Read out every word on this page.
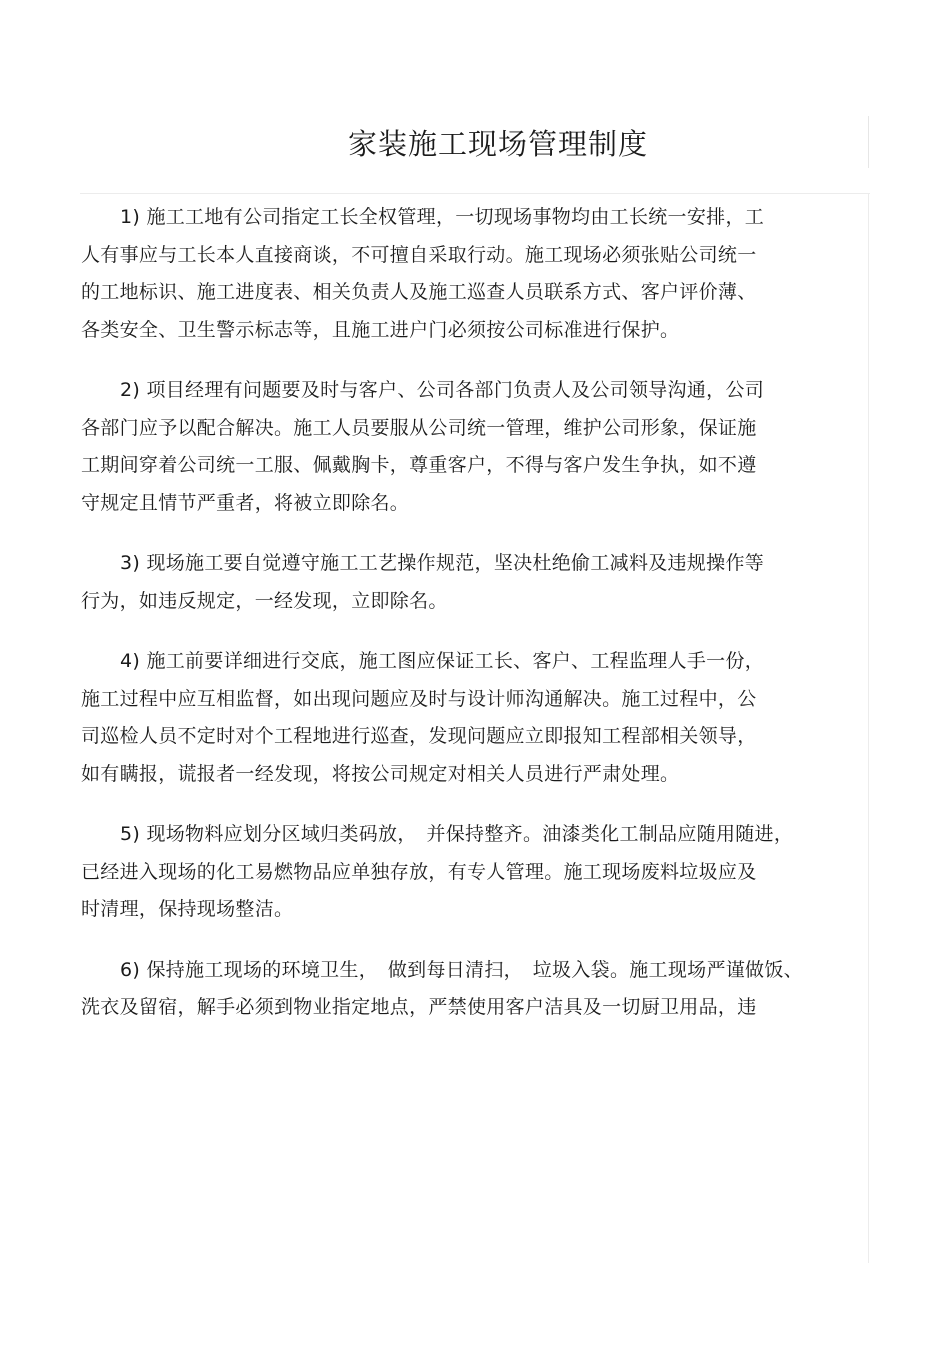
家装施工现场管理制度
1) 施工工地有公司指定工长全权管理，一切现场事物均由工长统一安排，工
人有事应与工长本人直接商谈，不可擅自采取行动。施工现场必须张贴公司统一
的工地标识、施工进度表、相关负责人及施工巡查人员联系方式、客户评价薄、
各类安全、卫生警示标志等，且施工进户门必须按公司标准进行保护。
2) 项目经理有问题要及时与客户、公司各部门负责人及公司领导沟通，公司
各部门应予以配合解决。施工人员要服从公司统一管理，维护公司形象，保证施
工期间穿着公司统一工服、佩戴胸卡，尊重客户，不得与客户发生争执，如不遵
守规定且情节严重者，将被立即除名。
3) 现场施工要自觉遵守施工工艺操作规范，坚决杜绝偷工减料及违规操作等
行为，如违反规定，一经发现，立即除名。
4) 施工前要详细进行交底，施工图应保证工长、客户、工程监理人手一份，
施工过程中应互相监督，如出现问题应及时与设计师沟通解决。施工过程中，公
司巡检人员不定时对个工程地进行巡查，发现问题应立即报知工程部相关领导，
如有瞒报，谎报者一经发现，将按公司规定对相关人员进行严肃处理。
5) 现场物料应划分区域归类码放，　并保持整齐。油漆类化工制品应随用随进，
已经进入现场的化工易燃物品应单独存放，有专人管理。施工现场废料垃圾应及
时清理，保持现场整洁。
6) 保持施工现场的环境卫生，　做到每日清扫，　垃圾入袋。施工现场严谨做饭、
洗衣及留宿，解手必须到物业指定地点，严禁使用客户洁具及一切厨卫用品，违
